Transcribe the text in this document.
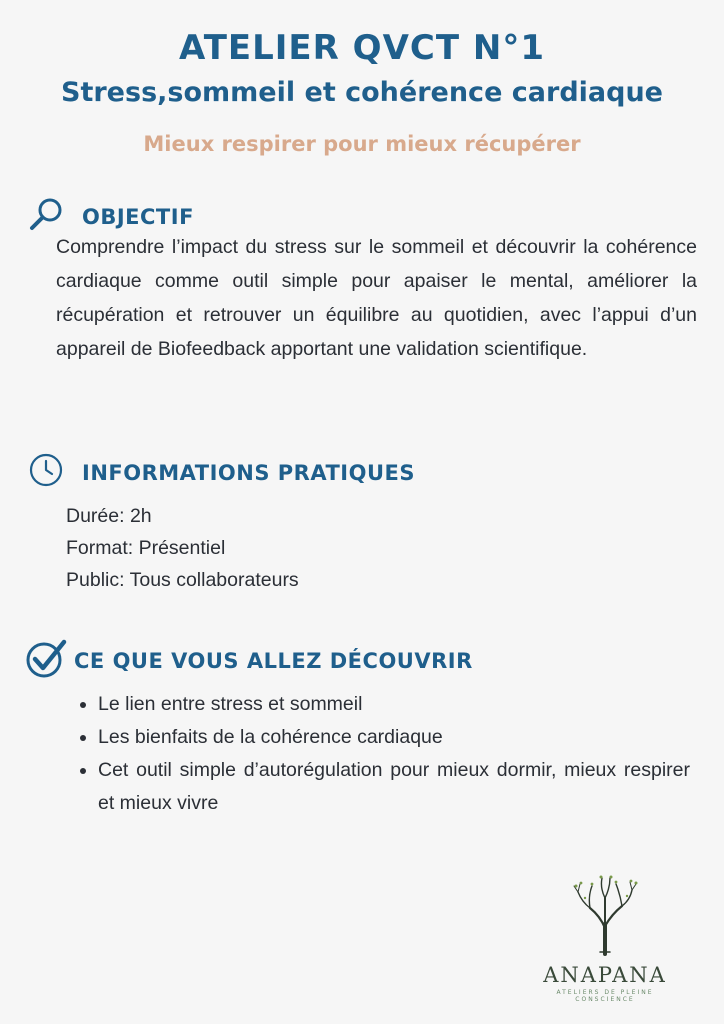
ATELIER QVCT N°1
Stress,sommeil et cohérence cardiaque

Mieux respirer pour mieux récupérer

OBJECTIF
Comprendre l’impact du stress sur le sommeil et découvrir la cohérence cardiaque comme outil simple pour apaiser le mental, améliorer la récupération et retrouver un équilibre au quotidien, avec l’appui d’un appareil de Biofeedback apportant une validation scientifique.
INFORMATIONS PRATIQUES
Durée: 2h
Format: Présentiel
Public: Tous collaborateurs
CE QUE VOUS ALLEZ DÉCOUVRIR
• Le lien entre stress et sommeil
• Les bienfaits de la cohérence cardiaque
• Cet outil simple d’autorégulation pour mieux dormir, mieux respirer et mieux vivre
ANAPANA
ATELIERS DE PLEINE CONSCIENCE
